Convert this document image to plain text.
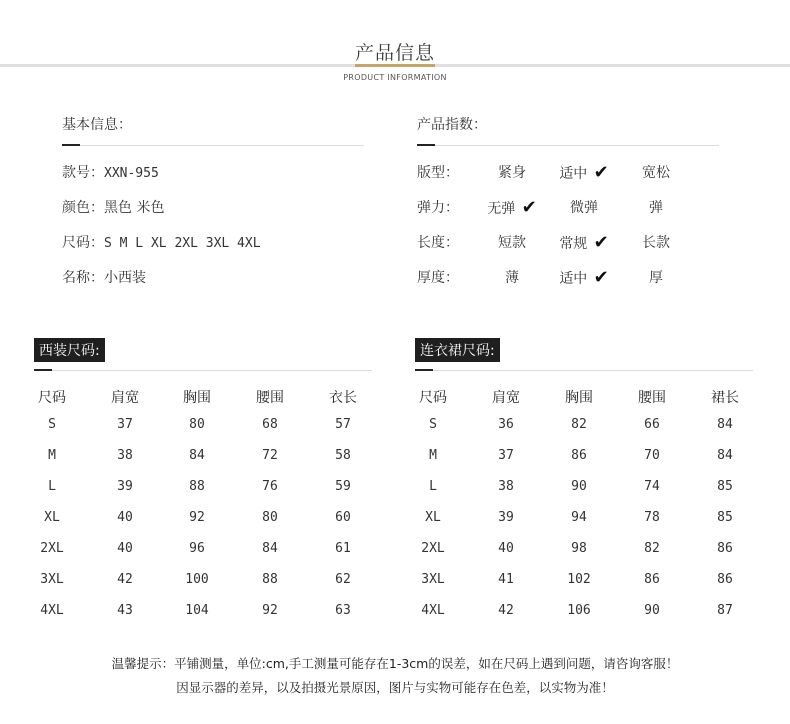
产品信息
PRODUCT INFORMATION
基本信息：
款号：XXN-955
颜色：黑色 米色
尺码：S M L XL 2XL 3XL 4XL
名称：小西装
产品指数：
版型：	紧身	适中 ✔	宽松
弹力：	无弹 ✔	微弹	弹
长度：	短款	常规 ✔	长款
厚度：	薄	适中 ✔	厚
西装尺码:
尺码	肩宽	胸围	腰围	衣长
S	37	80	68	57
M	38	84	72	58
L	39	88	76	59
XL	40	92	80	60
2XL	40	96	84	61
3XL	42	100	88	62
4XL	43	104	92	63
连衣裙尺码:
尺码	肩宽	胸围	腰围	裙长
S	36	82	66	84
M	37	86	70	84
L	38	90	74	85
XL	39	94	78	85
2XL	40	98	82	86
3XL	41	102	86	86
4XL	42	106	90	87
温馨提示：平铺测量，单位:cm,手工测量可能存在1-3cm的误差，如在尺码上遇到问题，请咨询客服！
因显示器的差异，以及拍摄光景原因，图片与实物可能存在色差，以实物为准！
